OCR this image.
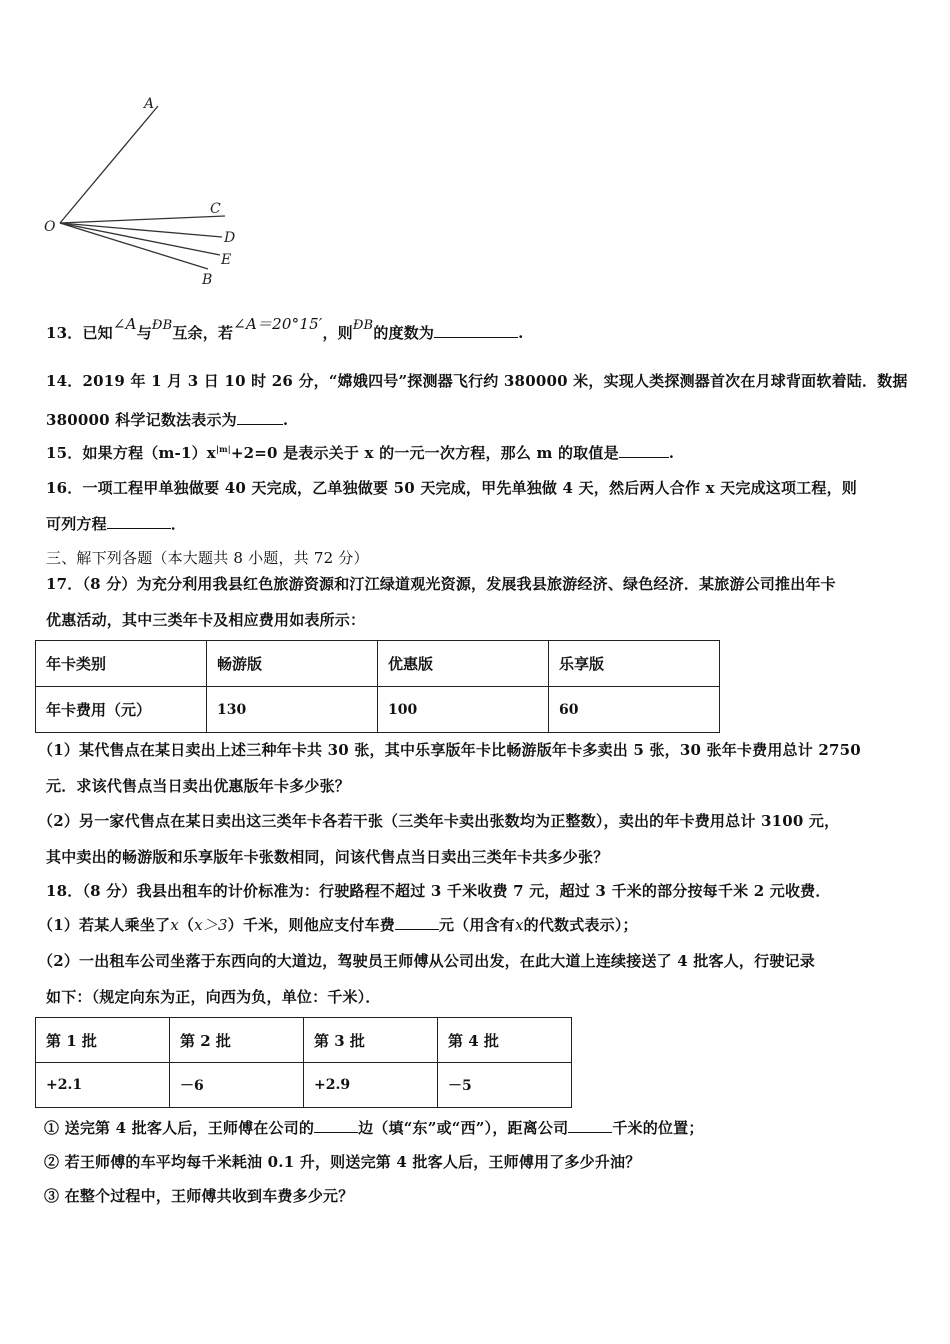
A
O
C
D
E
B
13．已知∠A与ÐB互余，若∠A＝20°15′，则ÐB的度数为	.
14．2019 年 1 月 3 日 10 时 26 分，“嫦娥四号”探测器飞行约 380000 米，实现人类探测器首次在月球背面软着陆．数据
380000 科学记数法表示为	.
15．如果方程$(m-1)x^{|m|}+2=0$ 是表示关于 x 的一元一次方程，那么 m 的取值是	.
16．一项工程甲单独做要 40 天完成，乙单独做要 50 天完成，甲先单独做 4 天，然后两人合作 x 天完成这项工程，则
可列方程	．
三、解下列各题（本大题共 8 小题，共 72 分）
17．（8 分）为充分利用我县红色旅游资源和汀江绿道观光资源，发展我县旅游经济、绿色经济．某旅游公司推出年卡
优惠活动，其中三类年卡及相应费用如表所示：
年卡类别	畅游版	优惠版	乐享版
年卡费用（元）	130	100	60
（1）某代售点在某日卖出上述三种年卡共 30 张，其中乐享版年卡比畅游版年卡多卖出 5 张，30 张年卡费用总计 2750
元．求该代售点当日卖出优惠版年卡多少张？
（2）另一家代售点在某日卖出这三类年卡各若干张（三类年卡卖出张数均为正整数），卖出的年卡费用总计 3100 元，
其中卖出的畅游版和乐享版年卡张数相同，问该代售点当日卖出三类年卡共多少张？
18．（8 分）我县出租车的计价标准为：行驶路程不超过 3 千米收费 7 元，超过 3 千米的部分按每千米 2 元收费．
（1）若某人乘坐了x（x＞3）千米，则他应支付车费	元（用含有x的代数式表示）；
（2）一出租车公司坐落于东西向的大道边，驾驶员王师傅从公司出发，在此大道上连续接送了 4 批客人，行驶记录
如下：（规定向东为正，向西为负，单位：千米）．
第 1 批	第 2 批	第 3 批	第 4 批
+2.1	－6	+2.9	－5
① 送完第 4 批客人后，王师傅在公司的	边（填“东”或“西”），距离公司	千米的位置；
② 若王师傅的车平均每千米耗油 0.1 升，则送完第 4 批客人后，王师傅用了多少升油？
③ 在整个过程中，王师傅共收到车费多少元？
